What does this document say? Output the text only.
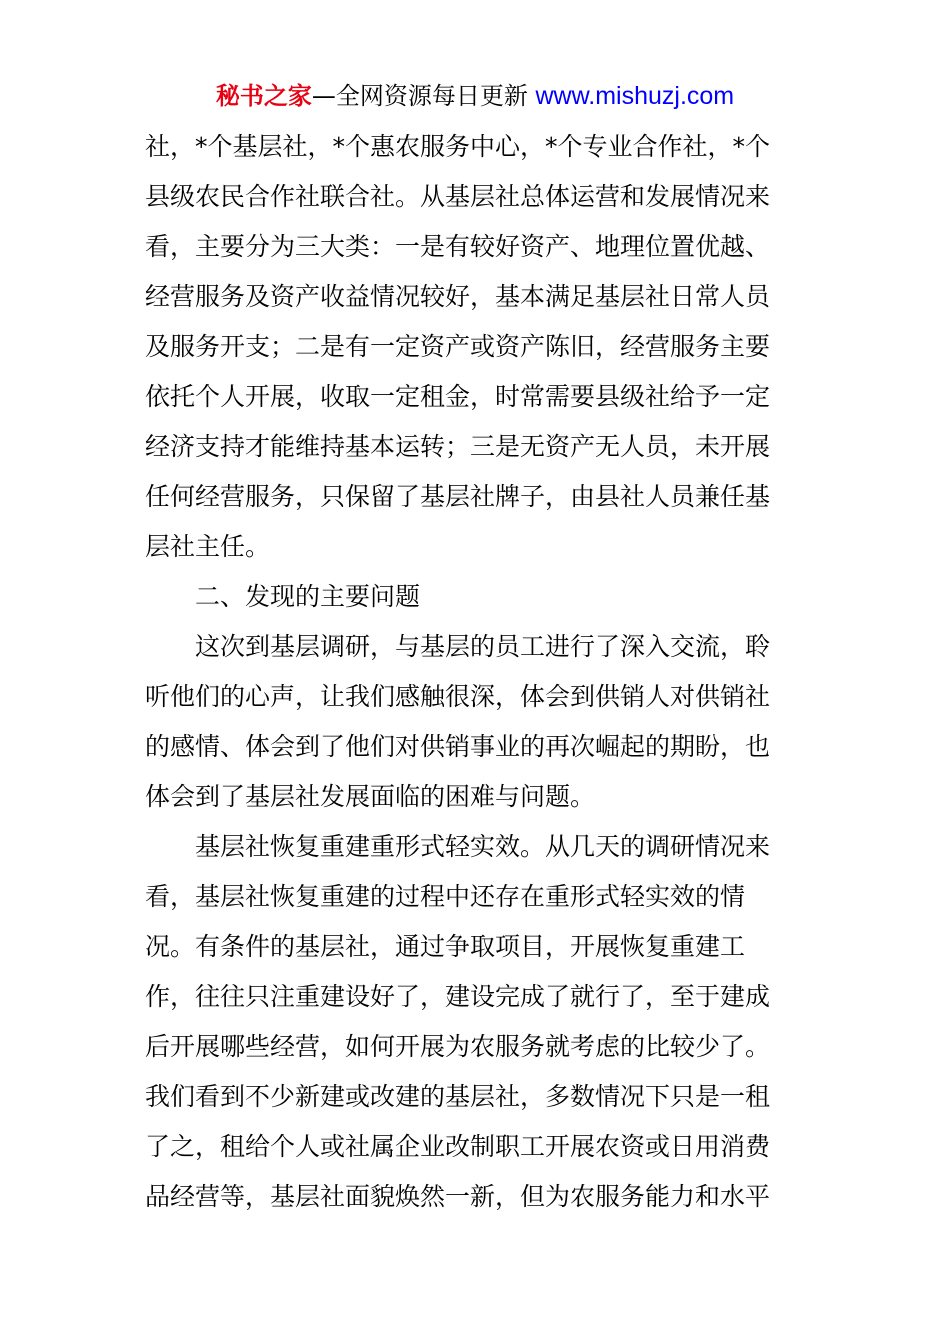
秘书之家—全网资源每日更新 www.mishuzj.com
社，*个基层社，*个惠农服务中心，*个专业合作社，*个
县级农民合作社联合社。从基层社总体运营和发展情况来
看，主要分为三大类：一是有较好资产、地理位置优越、
经营服务及资产收益情况较好，基本满足基层社日常人员
及服务开支；二是有一定资产或资产陈旧，经营服务主要
依托个人开展，收取一定租金，时常需要县级社给予一定
经济支持才能维持基本运转；三是无资产无人员，未开展
任何经营服务，只保留了基层社牌子，由县社人员兼任基
层社主任。
二、发现的主要问题
这次到基层调研，与基层的员工进行了深入交流，聆
听他们的心声，让我们感触很深，体会到供销人对供销社
的感情、体会到了他们对供销事业的再次崛起的期盼，也
体会到了基层社发展面临的困难与问题。
基层社恢复重建重形式轻实效。从几天的调研情况来
看，基层社恢复重建的过程中还存在重形式轻实效的情
况。有条件的基层社，通过争取项目，开展恢复重建工
作，往往只注重建设好了，建设完成了就行了，至于建成
后开展哪些经营，如何开展为农服务就考虑的比较少了。
我们看到不少新建或改建的基层社，多数情况下只是一租
了之，租给个人或社属企业改制职工开展农资或日用消费
品经营等，基层社面貌焕然一新，但为农服务能力和水平
